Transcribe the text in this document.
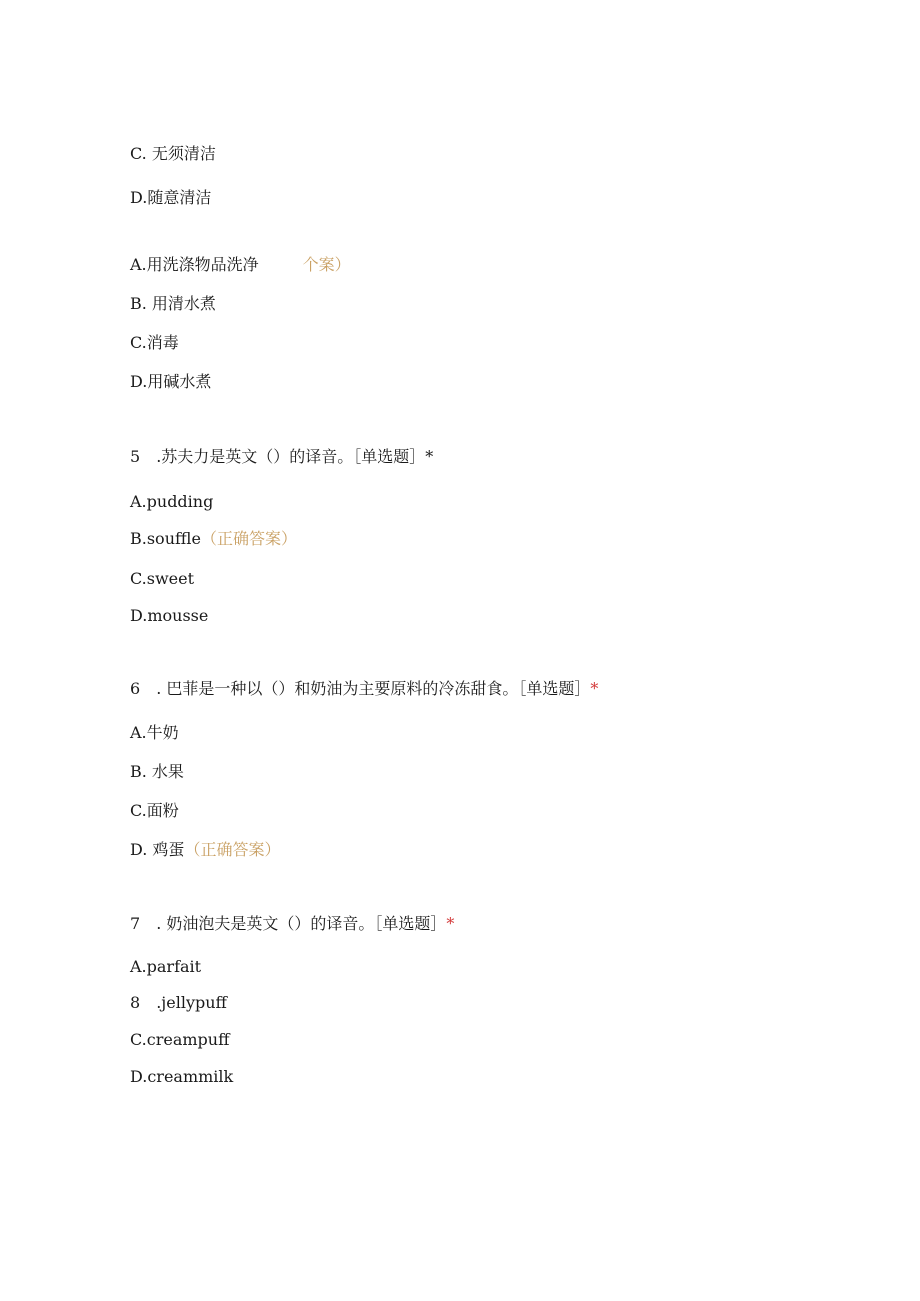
C. 无须清洁
D.随意清洁
A.用洗涤物品洗净	个案）
B. 用清水煮
C.消毒
D.用碱水煮
5 .苏夫力是英文（）的译音。［单选题］*
A.pudding
B.souffle（正确答案）
C.sweet
D.mousse
6 . 巴菲是一种以（）和奶油为主要原料的冷冻甜食。［单选题］*
A.牛奶
B. 水果
C.面粉
D. 鸡蛋（正确答案）
7 . 奶油泡夫是英文（）的译音。［单选题］*
A.parfait
8 .jellypuff
C.creampuff
D.creammilk
